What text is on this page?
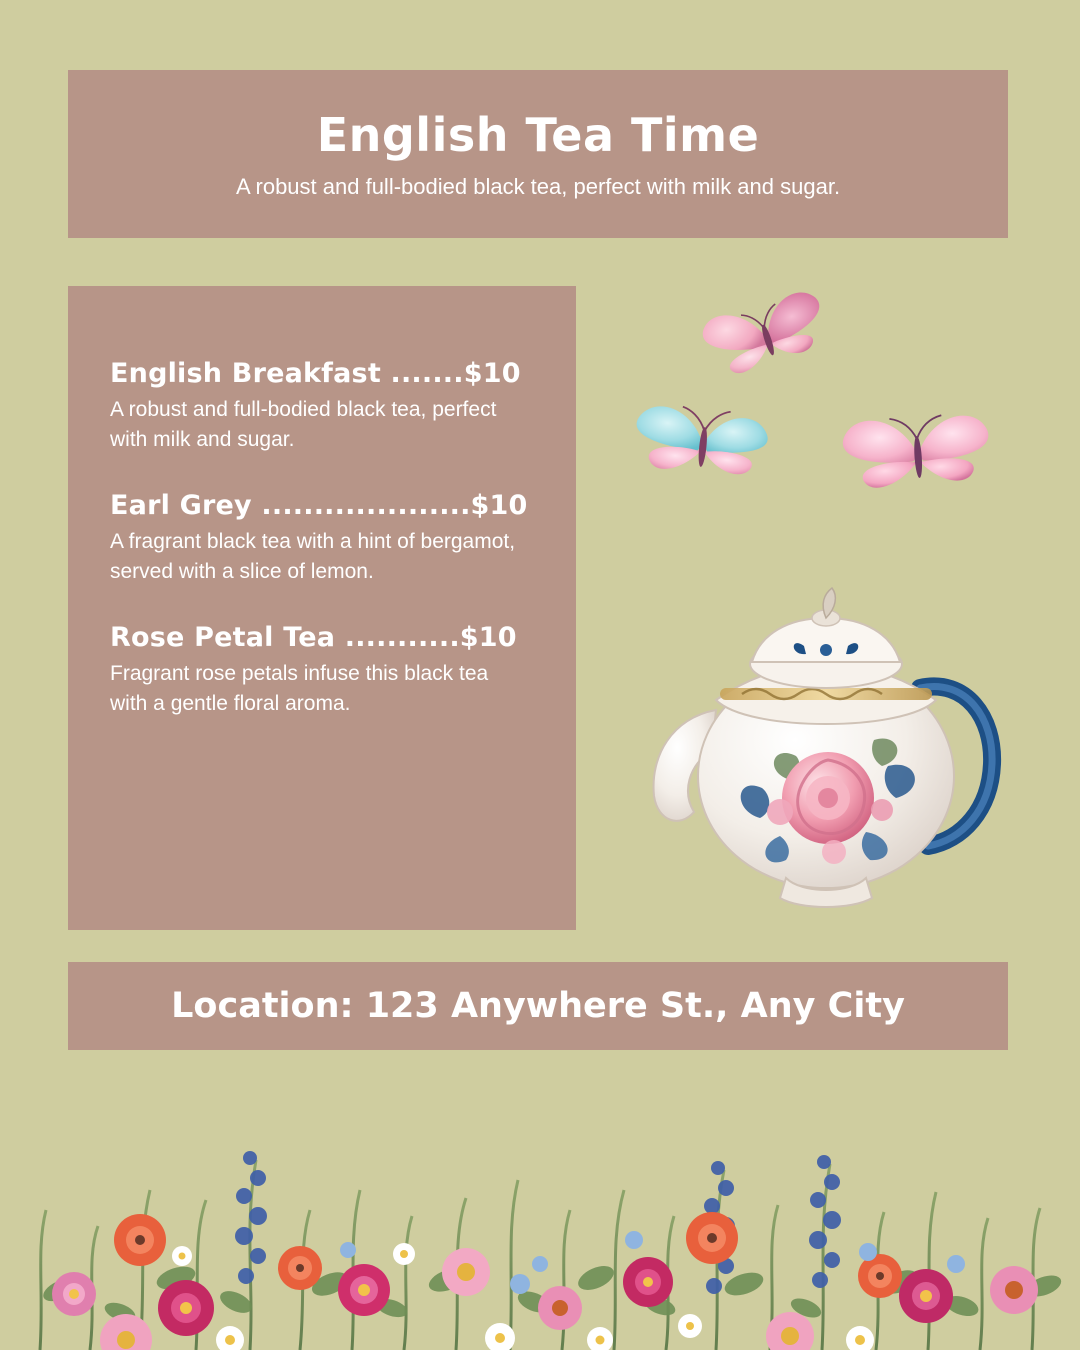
English Tea Time

A robust and full-bodied black tea, perfect with milk and sugar.

English Breakfast .......$10

A robust and full-bodied black tea, perfect with milk and sugar.

Earl Grey ....................$10

A fragrant black tea with a hint of bergamot, served with a slice of lemon.

Rose Petal Tea ...........$10

Fragrant rose petals infuse this black tea with a gentle floral aroma.

Location: 123 Anywhere St., Any City
